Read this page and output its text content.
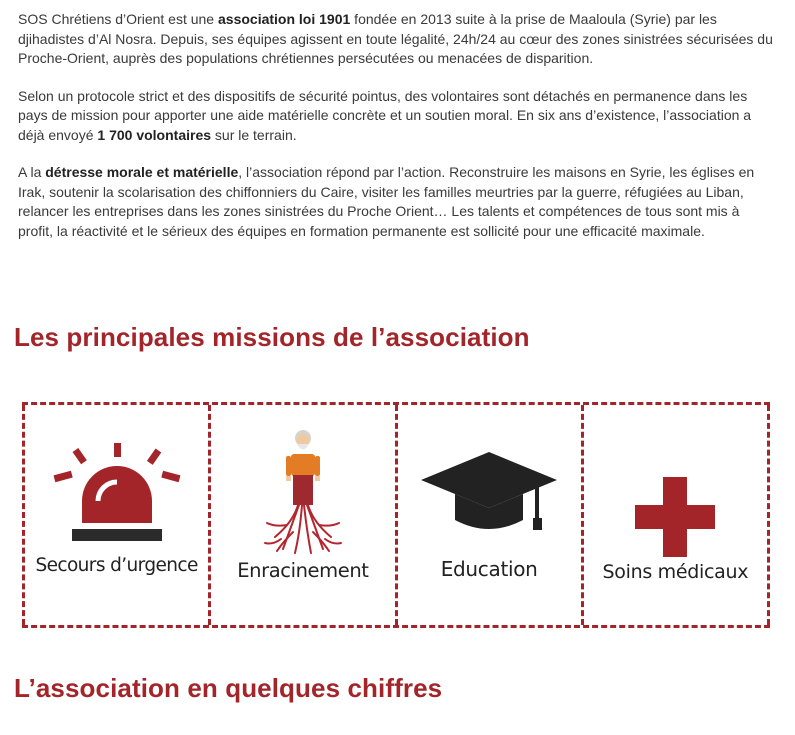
SOS Chrétiens d’Orient est une association loi 1901 fondée en 2013 suite à la prise de Maaloula (Syrie) par les djihadistes d’Al Nosra. Depuis, ses équipes agissent en toute légalité, 24h/24 au cœur des zones sinistrées sécurisées du Proche-Orient, auprès des populations chrétiennes persécutées ou menacées de disparition.

Selon un protocole strict et des dispositifs de sécurité pointus, des volontaires sont détachés en permanence dans les pays de mission pour apporter une aide matérielle concrète et un soutien moral. En six ans d’existence, l’association a déjà envoyé 1 700 volontaires sur le terrain.

A la détresse morale et matérielle, l’association répond par l’action. Reconstruire les maisons en Syrie, les églises en Irak, soutenir la scolarisation des chiffonniers du Caire, visiter les familles meurtries par la guerre, réfugiées au Liban, relancer les entreprises dans les zones sinistrées du Proche Orient… Les talents et compétences de tous sont mis à profit, la réactivité et le sérieux des équipes en formation permanente est sollicité pour une efficacité maximale.

Les principales missions de l’association
Secours d’urgence	Enracinement	Education	Soins médicaux
L’association en quelques chiffres
